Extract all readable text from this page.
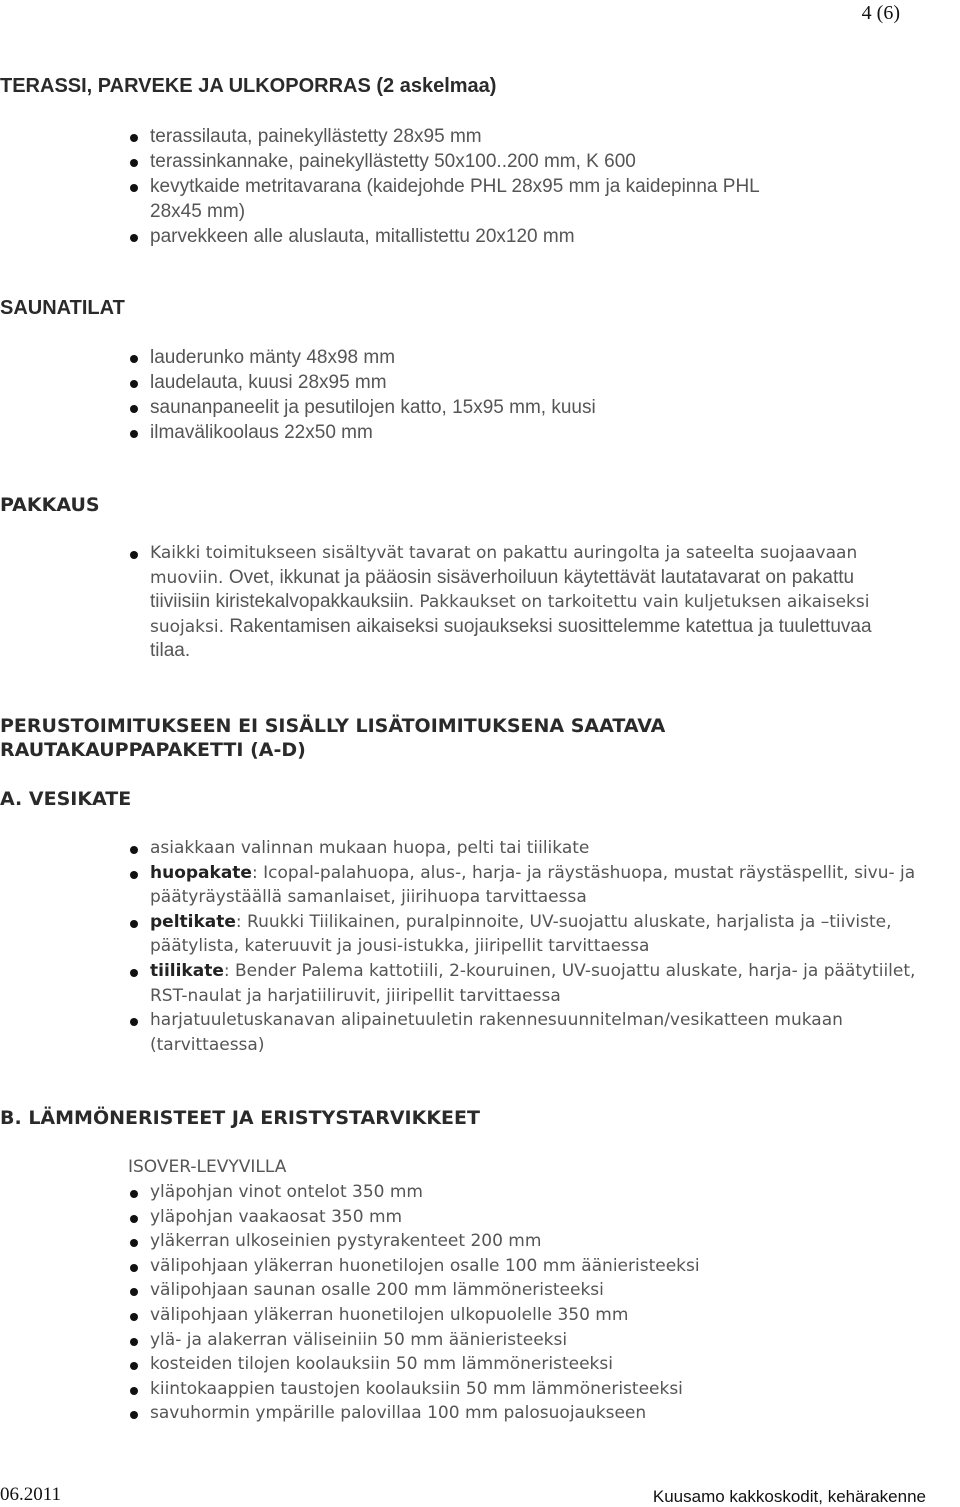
4 (6)
TERASSI, PARVEKE JA ULKOPORRAS (2 askelmaa)
terassilauta, painekyllästetty 28x95 mm
terassinkannake, painekyllästetty 50x100..200 mm, K 600
kevytkaide metritavarana (kaidejohde PHL 28x95 mm ja kaidepinna PHL 28x45 mm)
parvekkeen alle aluslauta, mitallistettu 20x120 mm
SAUNATILAT
lauderunko mänty 48x98 mm
laudelauta, kuusi 28x95 mm
saunanpaneelit ja pesutilojen katto, 15x95 mm, kuusi
ilmavälikoolaus 22x50 mm
PAKKAUS
Kaikki toimitukseen sisältyvät tavarat on pakattu auringolta ja sateelta suojaavaan muoviin. Ovet, ikkunat ja pääosin sisäverhoiluun käytettävät lautatavarat on pakattu tiiviisiin kiristekalvopakkauksiin. Pakkaukset on tarkoitettu vain kuljetuksen aikaiseksi suojaksi. Rakentamisen aikaiseksi suojaukseksi suosittelemme katettua ja tuulettuvaa tilaa.
PERUSTOIMITUKSEEN EI SISÄLLY LISÄTOIMITUKSENA SAATAVA RAUTAKAUPPAPAKETTI (A-D)
A. VESIKATE
asiakkaan valinnan mukaan huopa, pelti tai tiilikate
huopakate: Icopal-palahuopa, alus-, harja- ja räystäshuopa, mustat räystäspellit, sivu- ja päätyräystäällä samanlaiset, jiirihuopa tarvittaessa
peltikate: Ruukki Tiilikainen, puralpinnoite, UV-suojattu aluskate, harjalista ja –tiiviste, päätylista, kateruuvit ja jousi-istukka, jiiripellit tarvittaessa
tiilikate: Bender Palema kattotiili, 2-kouruinen, UV-suojattu aluskate, harja- ja päätytiilet, RST-naulat ja harjatiiliruvit, jiiripellit tarvittaessa
harjatuuletuskanavan alipainetuuletin rakennesuunnitelman/vesikatteen mukaan (tarvittaessa)
B. LÄMMÖNERISTEET JA ERISTYSTARVIKKEET
ISOVER-LEVYVILLA
yläpohjan vinot ontelot 350 mm
yläpohjan vaakaosat 350 mm
yläkerran ulkoseinien pystyrakenteet 200 mm
välipohjaan yläkerran huonetilojen osalle 100 mm äänieristeeksi
välipohjaan saunan osalle 200 mm lämmöneristeeksi
välipohjaan yläkerran huonetilojen ulkopuolelle 350 mm
ylä- ja alakerran väliseiniin 50 mm äänieristeeksi
kosteiden tilojen koolauksiin 50 mm lämmöneristeeksi
kiintokaappien taustojen koolauksiin 50 mm lämmöneristeeksi
savuhormin ympärille palovillaa 100 mm palosuojaukseen
06.2011	Kuusamo kakkoskodit, kehärakenne
